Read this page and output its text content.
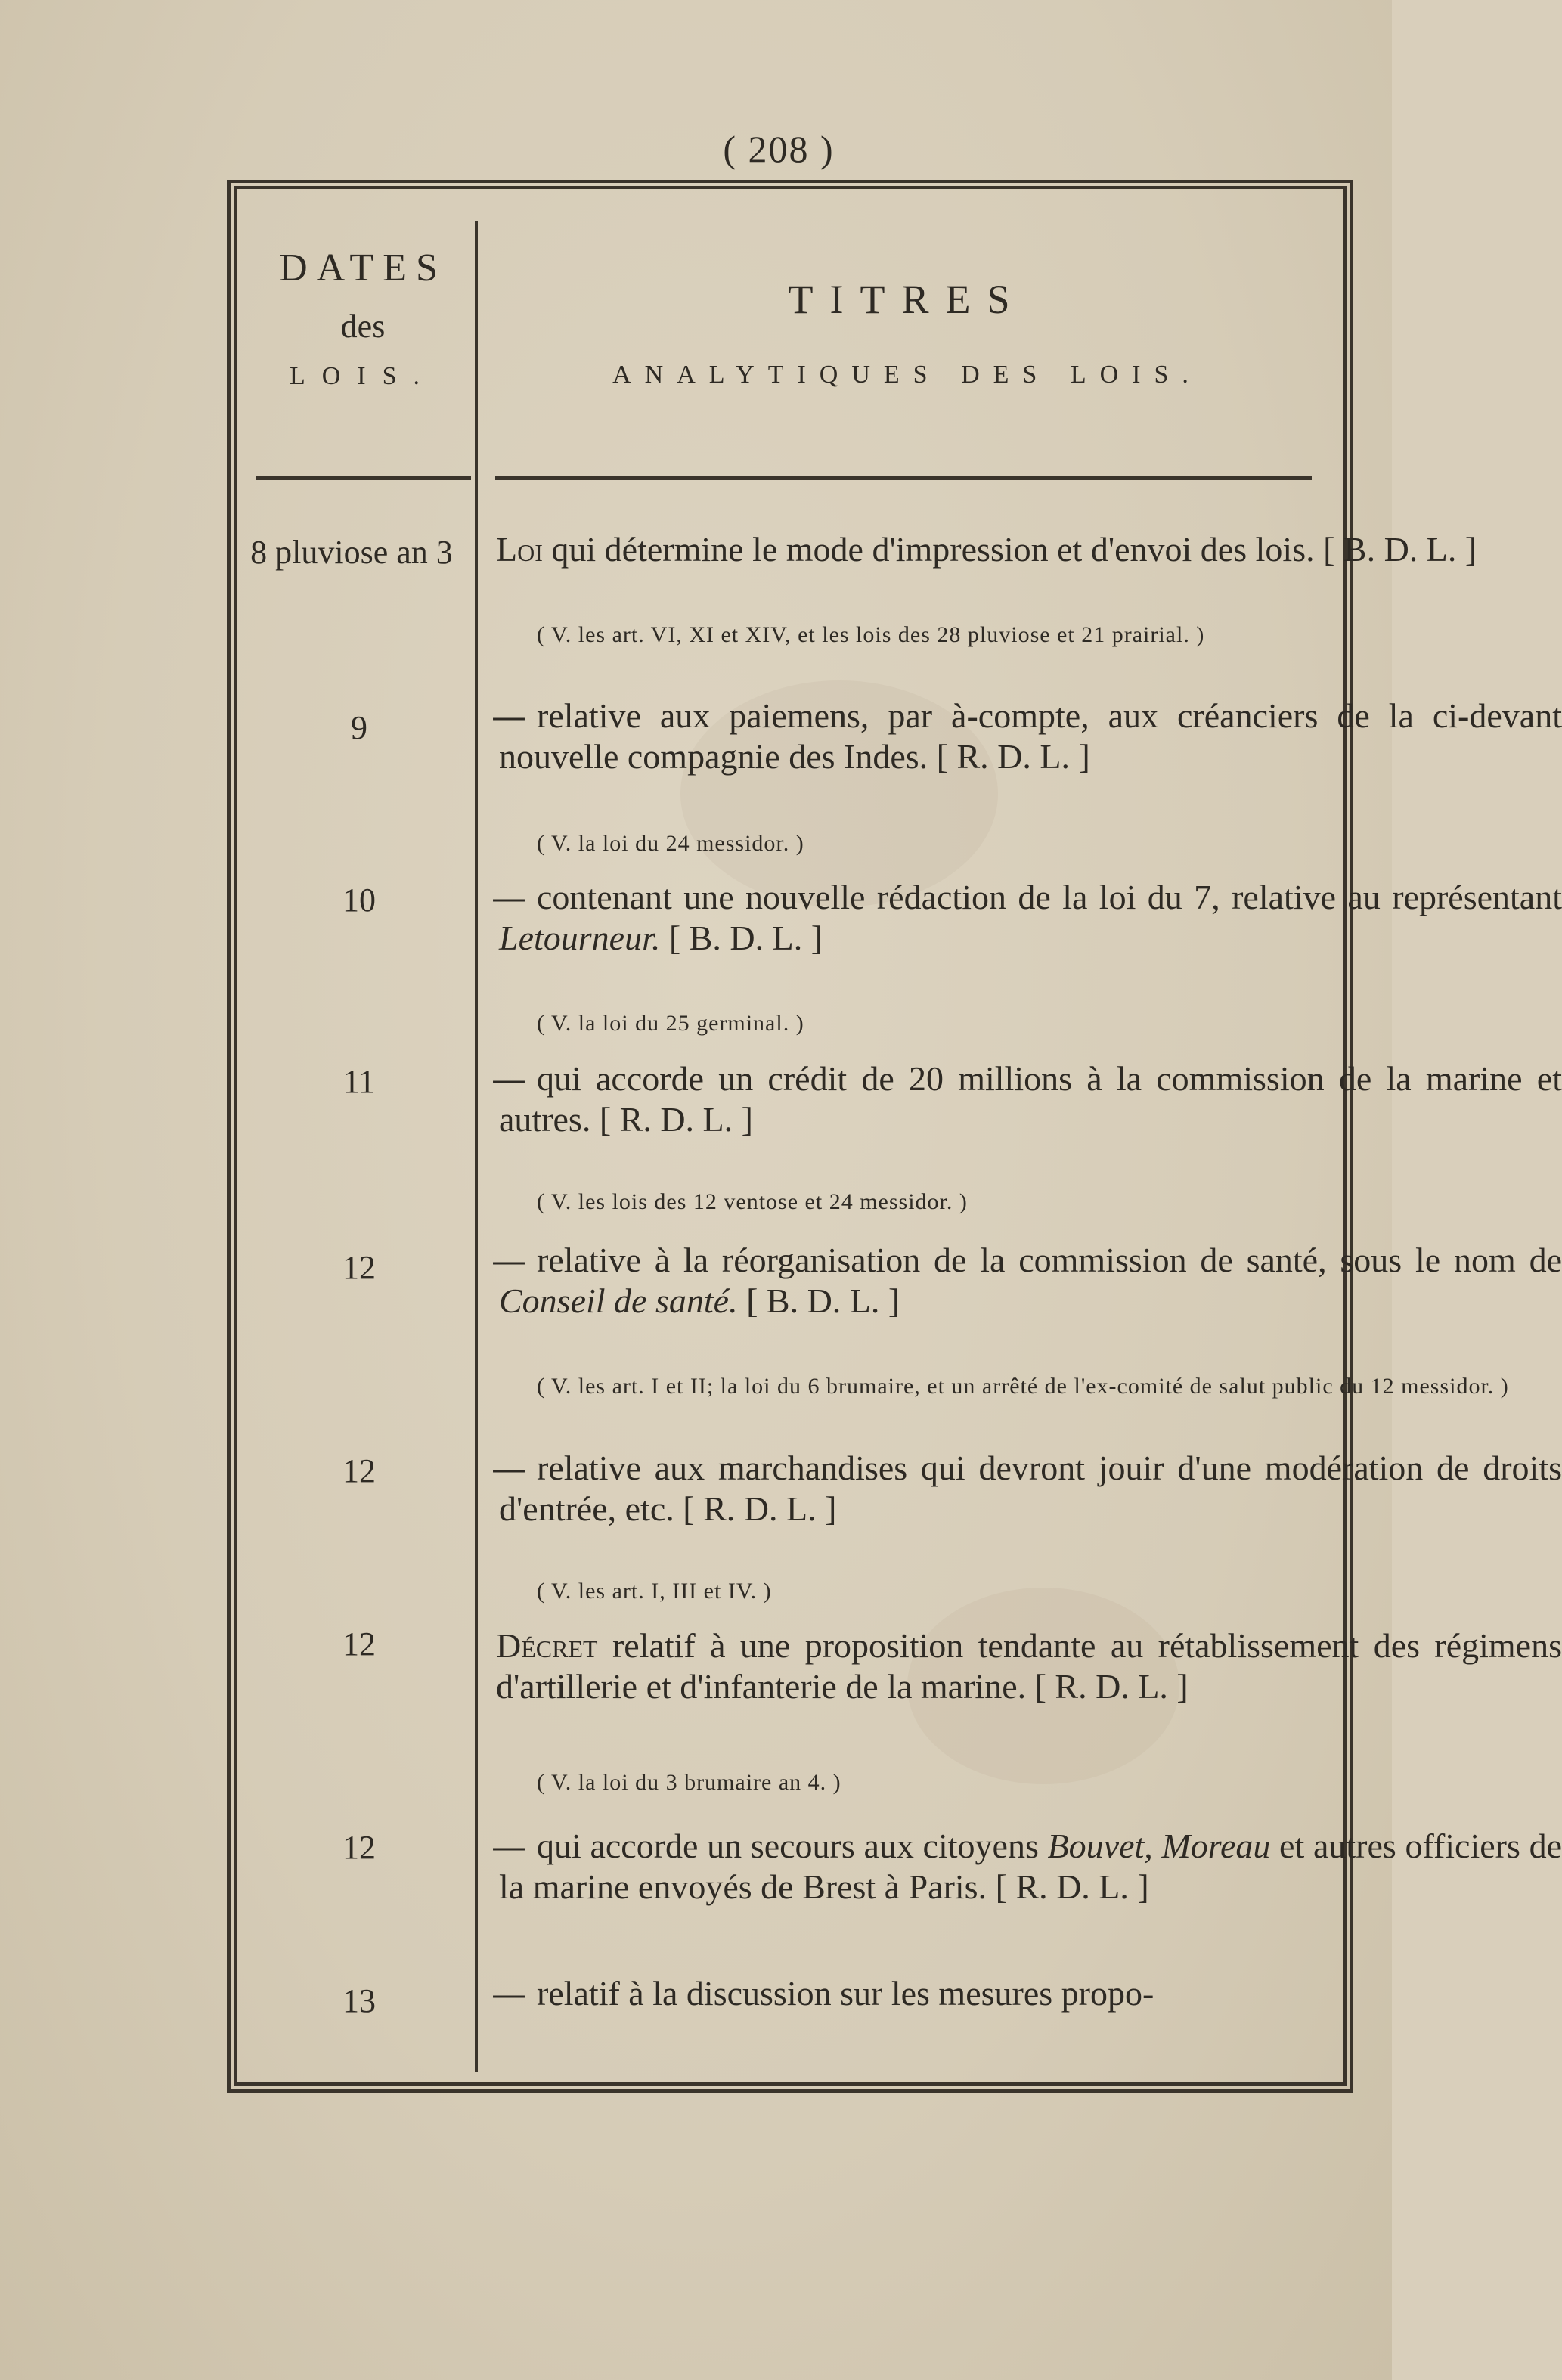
( 208 )

DATES

des

LOIS.

TITRES

ANALYTIQUES DES LOIS.

8 pluviose an 3 Loi qui détermine le mode d'impression et d'envoi des lois. [ B. D. L. ]
( V. les art. VI, XI et XIV, et les lois des 28 pluviose et 21 prairial. )
9	— relative aux paiemens, par à-compte, aux créanciers de la ci-devant nouvelle compagnie des Indes. [ R. D. L. ]
( V. la loi du 24 messidor. )
10	— contenant une nouvelle rédaction de la loi du 7, relative au représentant Letourneur. [ B. D. L. ]
( V. la loi du 25 germinal. )
11	— qui accorde un crédit de 20 millions à la commission de la marine et autres. [ R. D. L. ]
( V. les lois des 12 ventose et 24 messidor. )
12	— relative à la réorganisation de la commission de santé, sous le nom de Conseil de santé. [ B. D. L. ]
( V. les art. I et II; la loi du 6 brumaire, et un arrêté de l'ex-comité de salut public du 12 messidor. )
12	— relative aux marchandises qui devront jouir d'une modération de droits d'entrée, etc. [ R. D. L. ]
( V. les art. I, III et IV. )
12	Décret relatif à une proposition tendante au rétablissement des régimens d'artillerie et d'infanterie de la marine. [ R. D. L. ]
( V. la loi du 3 brumaire an 4. )
12	— qui accorde un secours aux citoyens Bouvet, Moreau et autres officiers de la marine envoyés de Brest à Paris. [ R. D. L. ]
13	— relatif à la discussion sur les mesures propo-
